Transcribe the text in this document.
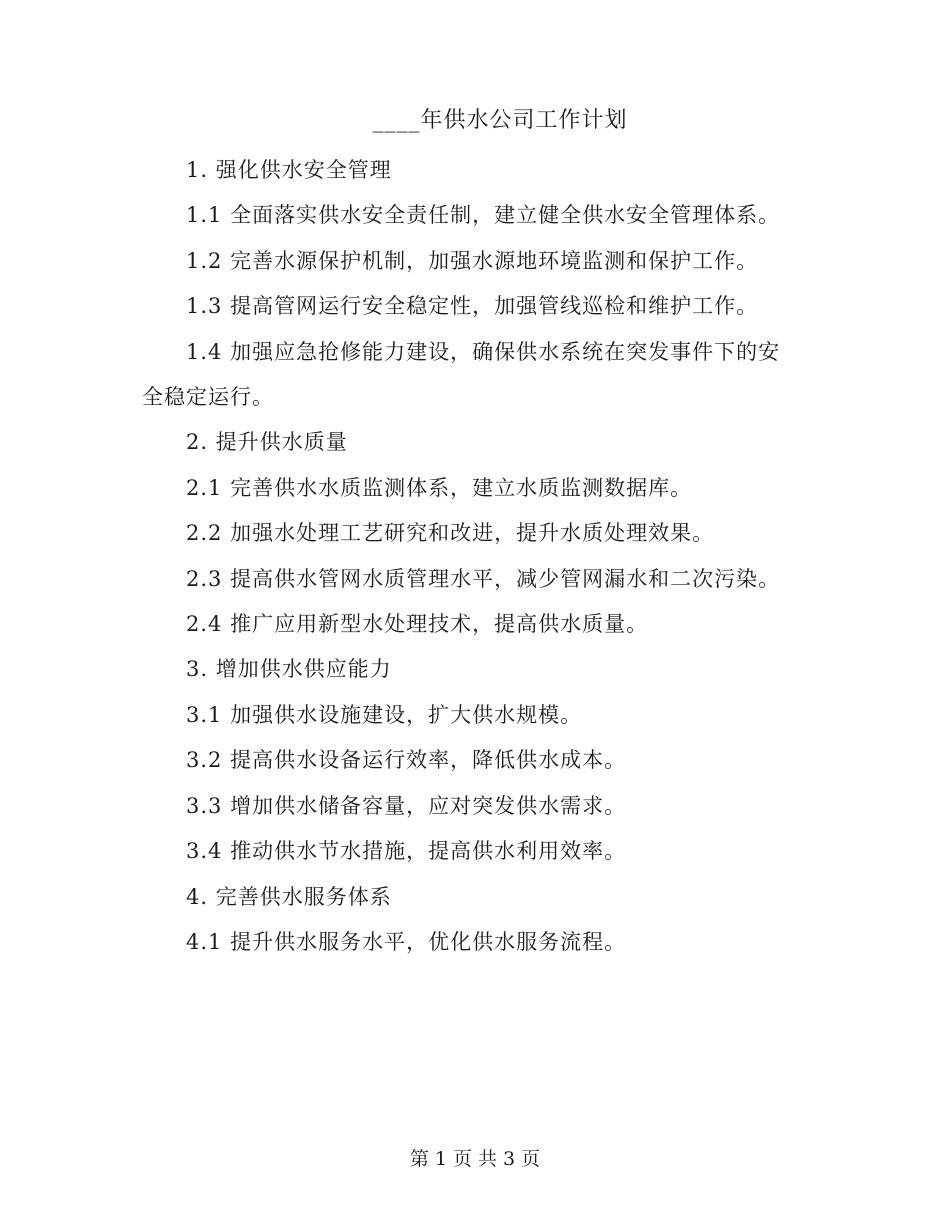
____年供水公司工作计划

1. 强化供水安全管理

1.1 全面落实供水安全责任制，建立健全供水安全管理体系。

1.2 完善水源保护机制，加强水源地环境监测和保护工作。

1.3 提高管网运行安全稳定性，加强管线巡检和维护工作。

1.4 加强应急抢修能力建设，确保供水系统在突发事件下的安全稳定运行。

2. 提升供水质量

2.1 完善供水水质监测体系，建立水质监测数据库。

2.2 加强水处理工艺研究和改进，提升水质处理效果。

2.3 提高供水管网水质管理水平，减少管网漏水和二次污染。

2.4 推广应用新型水处理技术，提高供水质量。

3. 增加供水供应能力

3.1 加强供水设施建设，扩大供水规模。

3.2 提高供水设备运行效率，降低供水成本。

3.3 增加供水储备容量，应对突发供水需求。

3.4 推动供水节水措施，提高供水利用效率。

4. 完善供水服务体系

4.1 提升供水服务水平，优化供水服务流程。

第 1 页 共 3 页
